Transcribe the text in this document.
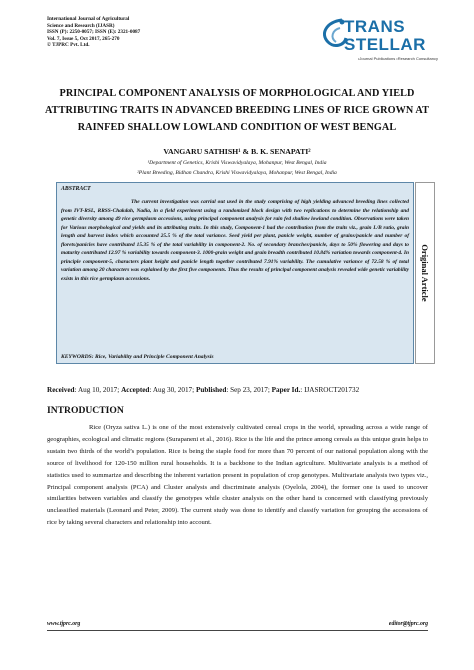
International Journal of Agricultural
Science and Research (IJASR)
ISSN (P): 2250-0057; ISSN (E): 2321-0087
Vol. 7, Issue 5, Oct 2017, 265-270
© TJPRC Pvt. Ltd.
TRANS
STELLAR
•Journal Publications •Research Consultancy
PRINCIPAL COMPONENT ANALYSIS OF MORPHOLOGICAL AND YIELD ATTRIBUTING TRAITS IN ADVANCED BREEDING LINES OF RICE GROWN AT RAINFED SHALLOW LOWLAND CONDITION OF WEST BENGAL
VANGARU SATHISH¹ & B. K. SENAPATI²
¹Department of Genetics, Krishi Viswavidyalaya, Mohanpur, West Bengal, India
²Plant Breeding, Bidhan Chandra, Krishi Viswavidyalaya, Mohanpur, West Bengal, India
ABSTRACT
The current investigation was carrial out used in the study comprising of high yielding advanced breeding lines collected from IVT-RSL, RRSS-Chakdah, Nadia, in a field experiment using a randomized block design with two replications to determine the relationship and genetic diversity among 49 rice germplasm accessions, using principal component analysis for rain fed shallow lowland condition. Observations were taken for Various morphological and yields and its attributing traits. In this study, Component-1 had the contribution from the traits viz., grain L/B ratio, grain length and harvest index which accounted 25.5 % of the total variance. Seed yield per plant, panicle weight, number of grains/panicle and number of florets/panicles have contributed 15.35 % of the total variability in component-2. No. of secondary branches/panicle, days to 50% flowering and days to maturity contributed 12.97 % variability towards component-3. 1000-grain weight and grain breadth contributed 10.84% variation towards component-4. In principle component-5, characters plant height and panicle length together contributed 7.91% variability. The cumulative variance of 72.58 % of total variation among 20 characters was explained by the first five components. Thus the results of principal component analysis revealed wide genetic variability exists in this rice germplasm accessions.
KEYWORDS: Rice, Variability and Principle Component Analysis
Original Article
Received: Aug 10, 2017; Accepted: Aug 30, 2017; Published: Sep 23, 2017; Paper Id.: IJASROCT201732
INTRODUCTION
Rice (Oryza sativa L.) is one of the most extensively cultivated cereal crops in the world, spreading across a wide range of geographies, ecological and climatic regions (Surapaneni et al., 2016). Rice is the life and the prince among cereals as this unique grain helps to sustain two thirds of the world’s population. Rice is being the staple food for more than 70 percent of our national population along with the source of livelihood for 120-150 million rural households. It is a backbone to the Indian agriculture. Multivariate analysis is a method of statistics used to summarize and describing the inherent variation present in population of crop genotypes. Multivariate analysis two types viz., Principal component analysis (PCA) and Cluster analysis and discriminate analysis (Oyelola, 2004), the former one is used to uncover similarities between variables and classify the genotypes while cluster analysis on the other hand is concerned with classifying previously unclassified materials (Leonard and Peter, 2009). The current study was done to identify and classify variation for grouping the accessions of rice by taking several characters and relationship into account.
www.tjprc.org	editor@tjprc.org
